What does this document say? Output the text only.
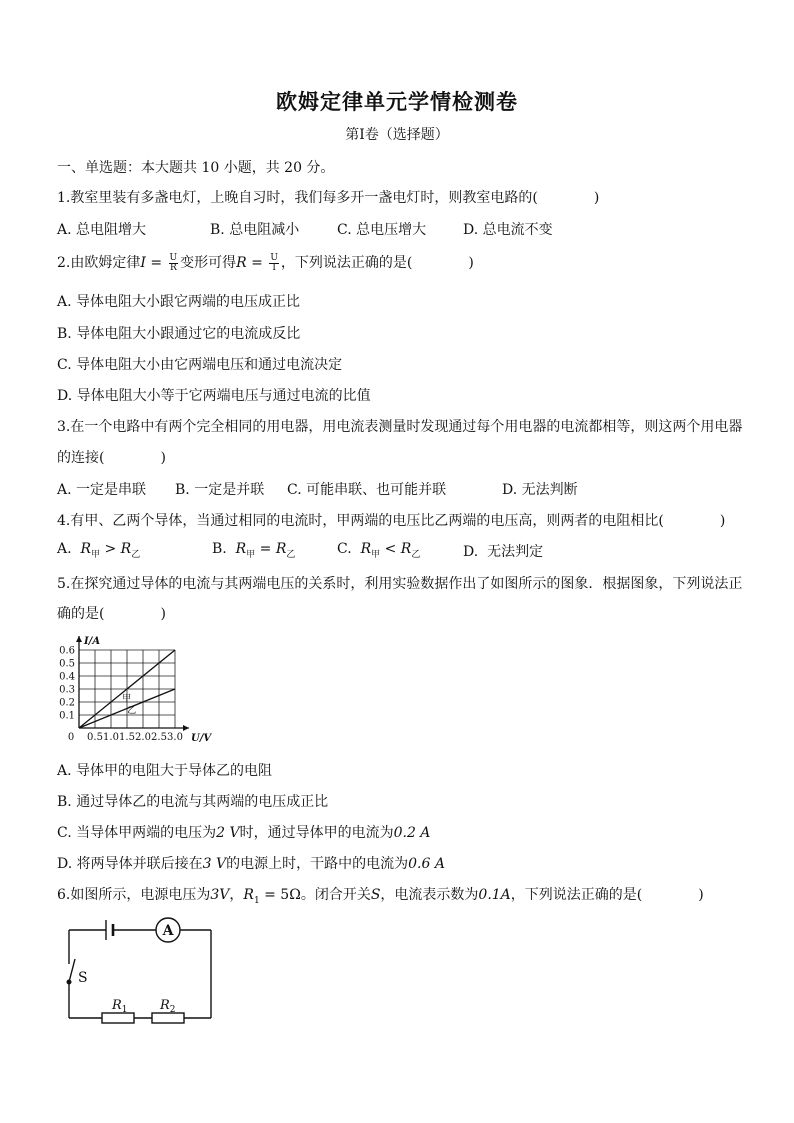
欧姆定律单元学情检测卷
第Ⅰ卷（选择题）
一、单选题：本大题共 10 小题，共 20 分。
1.教室里装有多盏电灯，上晚自习时，我们每多开一盏电灯时，则教室电路的(　　　　)
A. 总电阻增大	B. 总电阻减小	C. 总电压增大	D. 总电流不变
2.由欧姆定律$I = \frac{U}{R}$ 变形可得$R = \frac{U}{I}$ ，下列说法正确的是(　　　　)
A. 导体电阻大小跟它两端的电压成正比
B. 导体电阻大小跟通过它的电流成反比
C. 导体电阻大小由它两端电压和通过电流决定
D. 导体电阻大小等于它两端电压与通过电流的比值
3.在一个电路中有两个完全相同的用电器，用电流表测量时发现通过每个用电器的电流都相等，则这两个用电器
的连接(　　　　)
A. 一定是串联 B. 一定是并联 C. 可能串联、也可能并联	D. 无法判断
4.有甲、乙两个导体，当通过相同的电流时，甲两端的电压比乙两端的电压高，则两者的电阻相比(　　　　)
A. $R_甲 > R_乙$	B. $R_甲 = R_乙$	C. $R_甲 < R_乙$	D. 无法判定
5.在探究通过导体的电流与其两端电压的关系时，利用实验数据作出了如图所示的图象．根据图象，下列说法正
确的是(　　　　)
0.5 1.0 1.5 2.0 2.5 3.0
0.1
0.2
0.3
0.4
0.5
0.6
0
I/A
U/V
甲
乙
A. 导体甲的电阻大于导体乙的电阻
B. 通过导体乙的电流与其两端的电压成正比
C. 当导体甲两端的电压为2 V时，通过导体甲的电流为0.2 A
D. 将两导体并联后接在3 V的电源上时，干路中的电流为0.6 A
6.如图所示，电源电压为3V，$R_1 = 5\Omega$。闭合开关S，电流表示数为0.1A，下列说法正确的是(　　　　)
A
S
$R_1$ $R_2$
